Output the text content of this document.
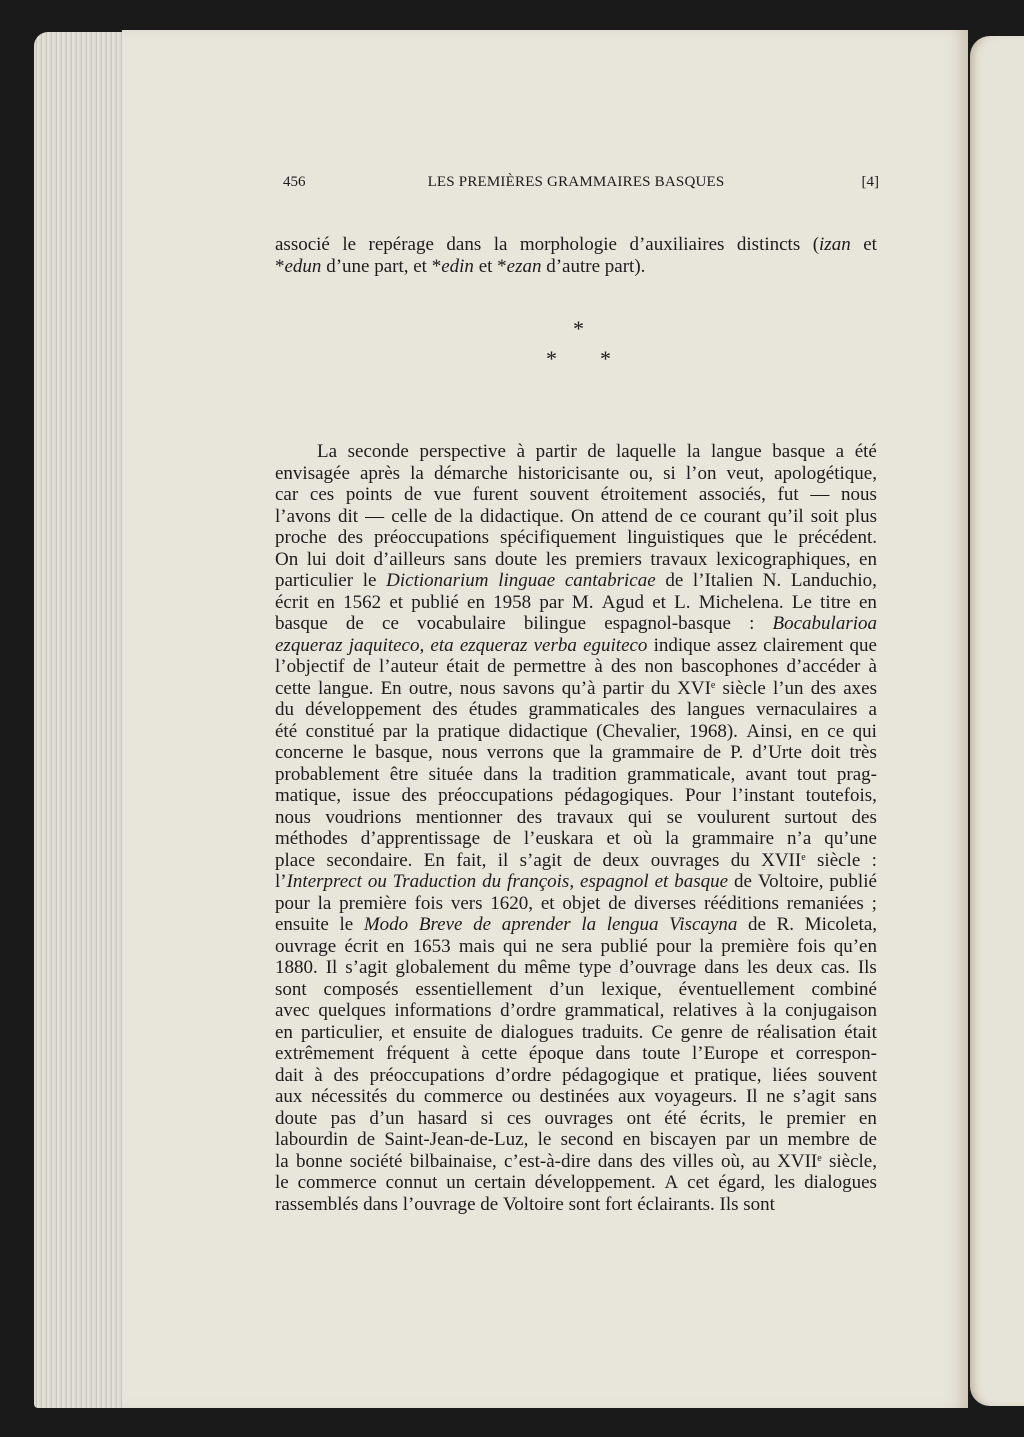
456	LES PREMIÈRES GRAMMAIRES BASQUES	[4]
associé le repérage dans la morphologie d’auxiliaires distincts (izan et
*edun d’une part, et *edin et *ezan d’autre part).
*
* *
La seconde perspective à partir de laquelle la langue basque a été
envisagée après la démarche historicisante ou, si l’on veut, apologétique,
car ces points de vue furent souvent étroitement associés, fut — nous
l’avons dit — celle de la didactique. On attend de ce courant qu’il soit plus
proche des préoccupations spécifiquement linguistiques que le précédent.
On lui doit d’ailleurs sans doute les premiers travaux lexicographiques, en
particulier le Dictionarium linguae cantabricae de l’Italien N. Landuchio,
écrit en 1562 et publié en 1958 par M. Agud et L. Michelena. Le titre en
basque de ce vocabulaire bilingue espagnol-basque : Bocabularioa
ezqueraz jaquiteco, eta ezqueraz verba eguiteco indique assez clairement que
l’objectif de l’auteur était de permettre à des non bascophones d’accéder à
cette langue. En outre, nous savons qu’à partir du XVIe siècle l’un des axes
du développement des études grammaticales des langues vernaculaires a
été constitué par la pratique didactique (Chevalier, 1968). Ainsi, en ce qui
concerne le basque, nous verrons que la grammaire de P. d’Urte doit très
probablement être située dans la tradition grammaticale, avant tout prag-
matique, issue des préoccupations pédagogiques. Pour l’instant toutefois,
nous voudrions mentionner des travaux qui se voulurent surtout des
méthodes d’apprentissage de l’euskara et où la grammaire n’a qu’une
place secondaire. En fait, il s’agit de deux ouvrages du XVIIe siècle :
l’Interprect ou Traduction du françois, espagnol et basque de Voltoire, publié
pour la première fois vers 1620, et objet de diverses rééditions remaniées ;
ensuite le Modo Breve de aprender la lengua Viscayna de R. Micoleta,
ouvrage écrit en 1653 mais qui ne sera publié pour la première fois qu’en
1880. Il s’agit globalement du même type d’ouvrage dans les deux cas. Ils
sont composés essentiellement d’un lexique, éventuellement combiné
avec quelques informations d’ordre grammatical, relatives à la conjugaison
en particulier, et ensuite de dialogues traduits. Ce genre de réalisation était
extrêmement fréquent à cette époque dans toute l’Europe et correspon-
dait à des préoccupations d’ordre pédagogique et pratique, liées souvent
aux nécessités du commerce ou destinées aux voyageurs. Il ne s’agit sans
doute pas d’un hasard si ces ouvrages ont été écrits, le premier en
labourdin de Saint-Jean-de-Luz, le second en biscayen par un membre de
la bonne société bilbainaise, c’est-à-dire dans des villes où, au XVIIe siècle,
le commerce connut un certain développement. A cet égard, les dialogues
rassemblés dans l’ouvrage de Voltoire sont fort éclairants. Ils sont
